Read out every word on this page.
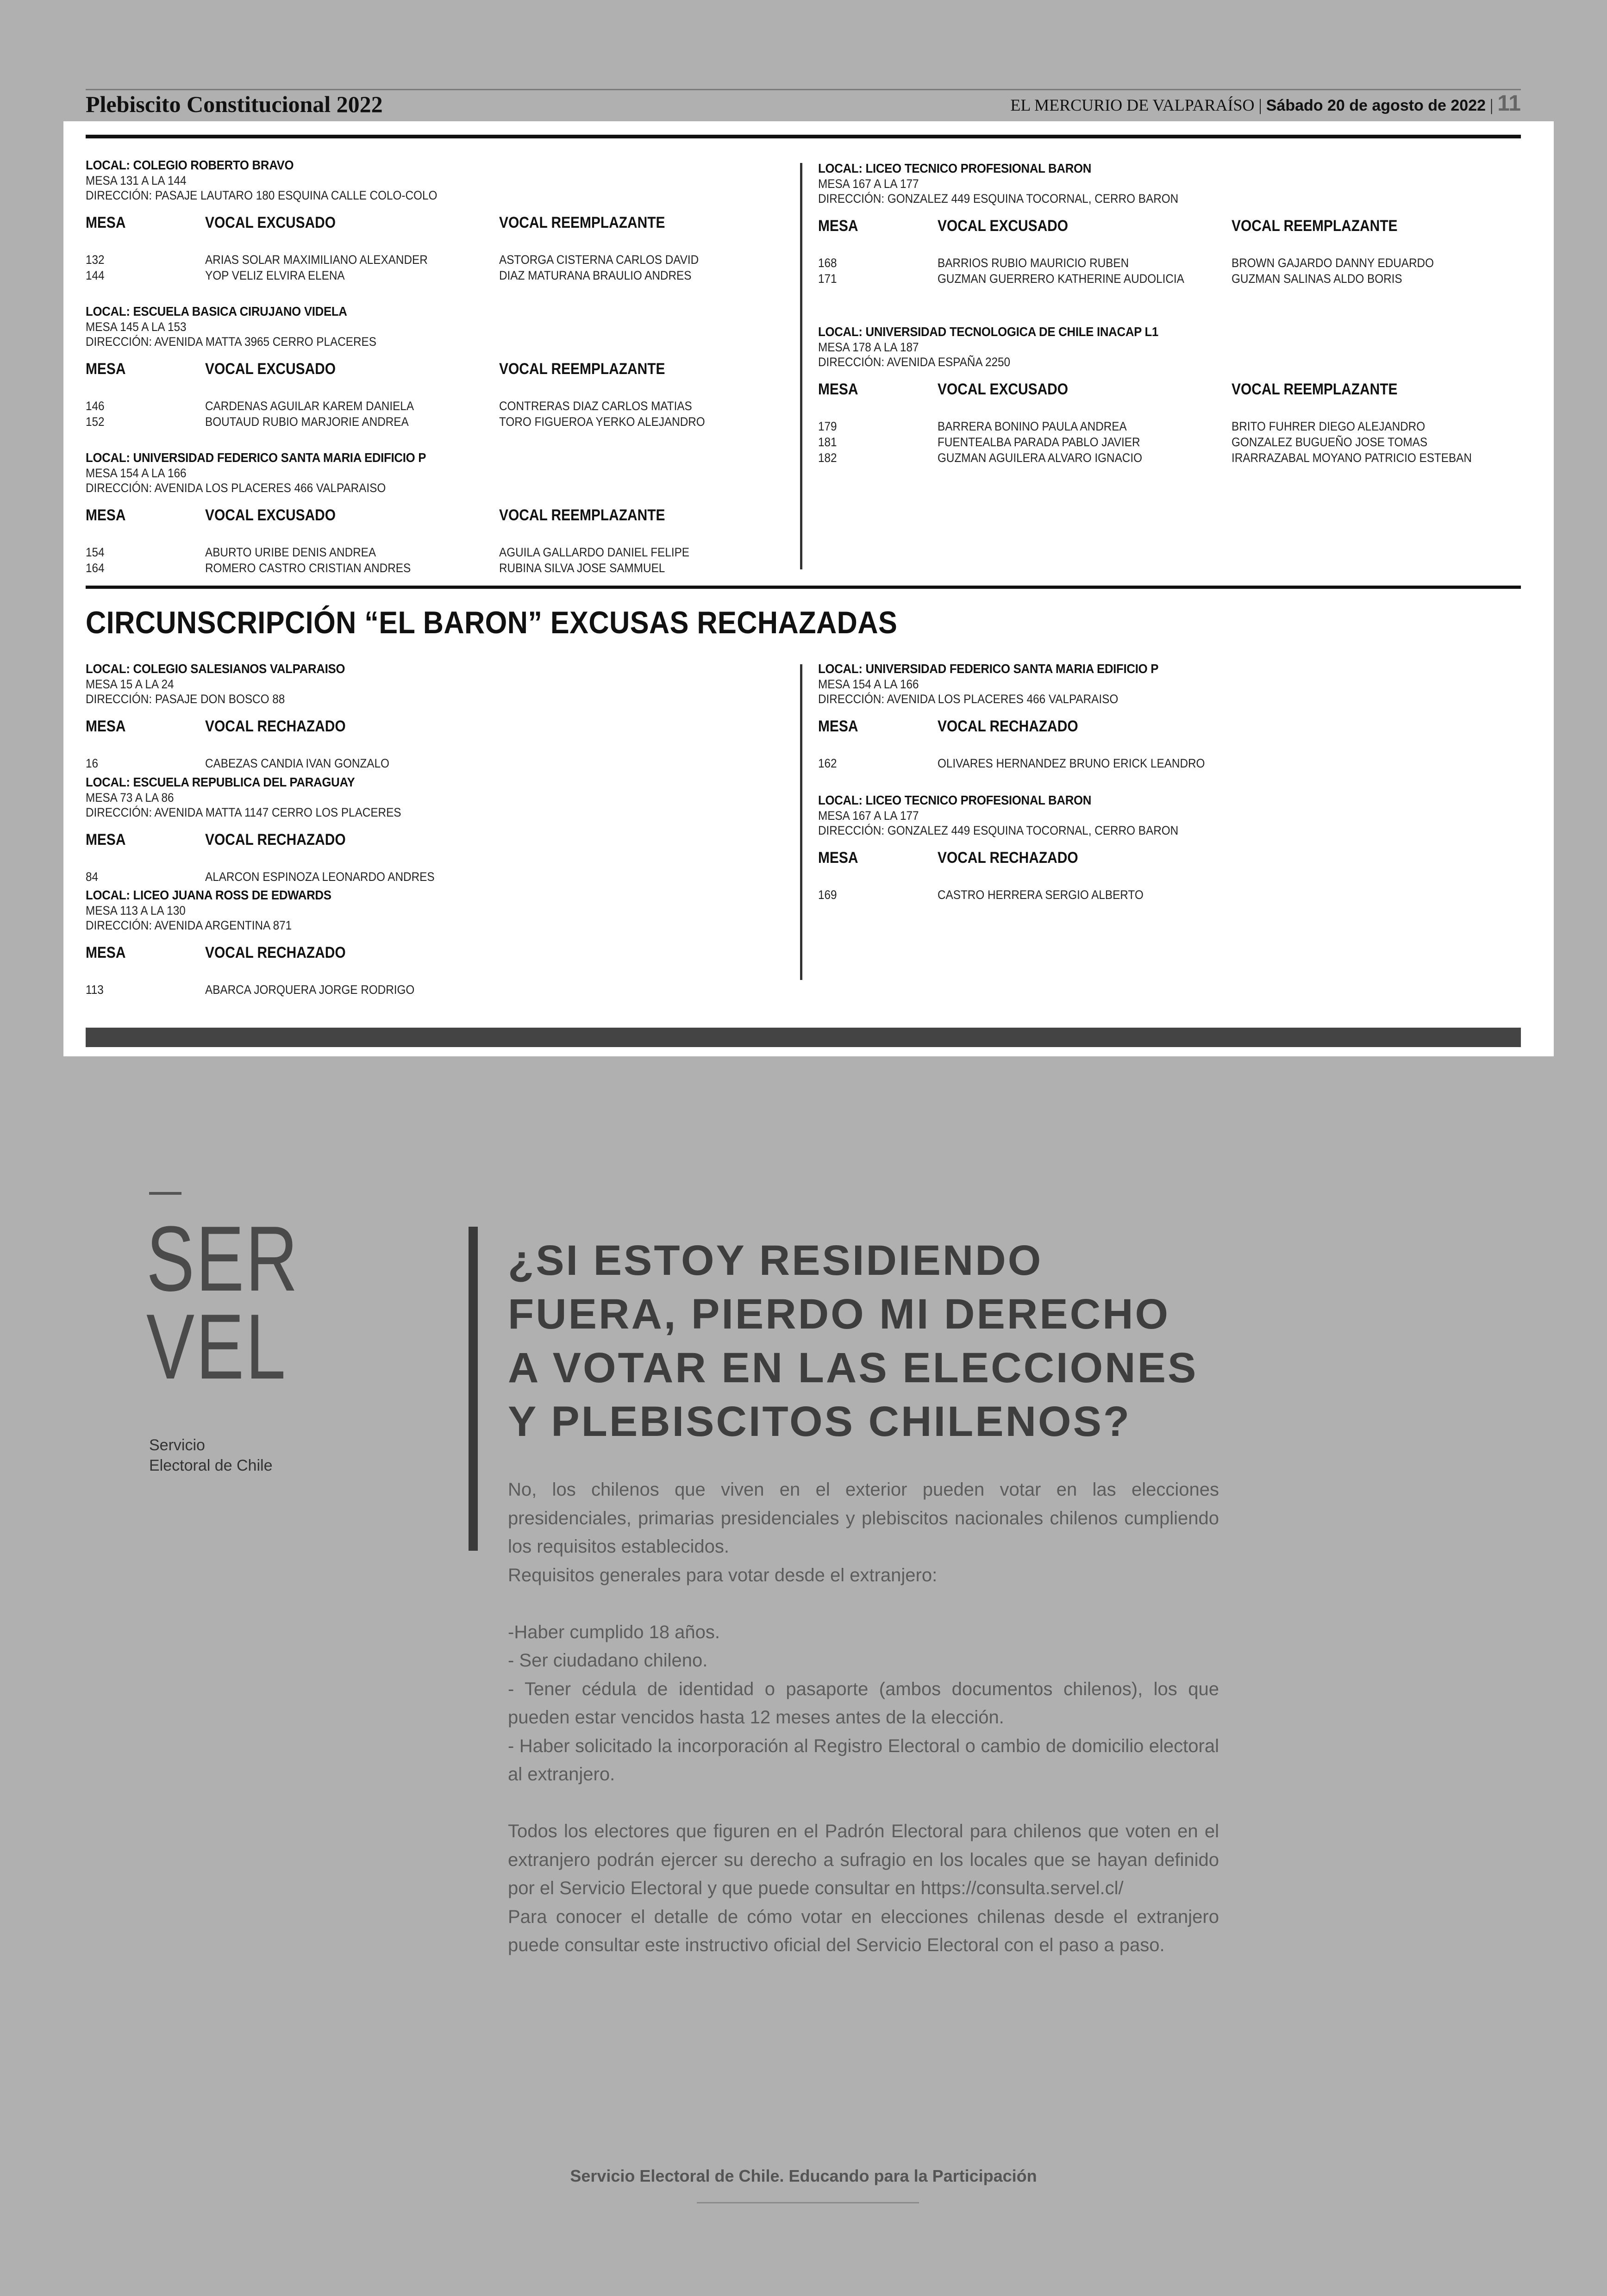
Plebiscito Constitucional 2022	EL MERCURIO DE VALPARAÍSO | Sábado 20 de agosto de 2022 | 11
CIRCUNSCRIPCIÓN “EL BARON” EXCUSAS RECHAZADAS
LOCAL: COLEGIO ROBERTO BRAVO
MESA 131 A LA 144
DIRECCIÓN: PASAJE LAUTARO 180 ESQUINA CALLE COLO-COLO
MESA	VOCAL EXCUSADO	VOCAL REEMPLAZANTE
132	ARIAS SOLAR MAXIMILIANO ALEXANDER	ASTORGA CISTERNA CARLOS DAVID
144	YOP VELIZ ELVIRA ELENA	DIAZ MATURANA BRAULIO ANDRES
LOCAL: ESCUELA BASICA CIRUJANO VIDELA
MESA 145 A LA 153
DIRECCIÓN: AVENIDA MATTA 3965 CERRO PLACERES
MESA	VOCAL EXCUSADO	VOCAL REEMPLAZANTE
146	CARDENAS AGUILAR KAREM DANIELA	CONTRERAS DIAZ CARLOS MATIAS
152	BOUTAUD RUBIO MARJORIE ANDREA	TORO FIGUEROA YERKO ALEJANDRO
LOCAL: UNIVERSIDAD FEDERICO SANTA MARIA EDIFICIO P
MESA 154 A LA 166
DIRECCIÓN: AVENIDA LOS PLACERES 466 VALPARAISO
MESA	VOCAL EXCUSADO	VOCAL REEMPLAZANTE
154	ABURTO URIBE DENIS ANDREA	AGUILA GALLARDO DANIEL FELIPE
164	ROMERO CASTRO CRISTIAN ANDRES	RUBINA SILVA JOSE SAMMUEL
LOCAL: LICEO TECNICO PROFESIONAL BARON
MESA 167 A LA 177
DIRECCIÓN: GONZALEZ 449 ESQUINA TOCORNAL, CERRO BARON
MESA	VOCAL EXCUSADO	VOCAL REEMPLAZANTE
168	BARRIOS RUBIO MAURICIO RUBEN	BROWN GAJARDO DANNY EDUARDO
171	GUZMAN GUERRERO KATHERINE AUDOLICIA	GUZMAN SALINAS ALDO BORIS
LOCAL: UNIVERSIDAD TECNOLOGICA DE CHILE INACAP L1
MESA 178 A LA 187
DIRECCIÓN: AVENIDA ESPAÑA 2250
MESA	VOCAL EXCUSADO	VOCAL REEMPLAZANTE
179	BARRERA BONINO PAULA ANDREA	BRITO FUHRER DIEGO ALEJANDRO
181	FUENTEALBA PARADA PABLO JAVIER	GONZALEZ BUGUEÑO JOSE TOMAS
182	GUZMAN AGUILERA ALVARO IGNACIO	IRARRAZABAL MOYANO PATRICIO ESTEBAN
LOCAL: COLEGIO SALESIANOS VALPARAISO
MESA 15 A LA 24
DIRECCIÓN: PASAJE DON BOSCO 88
MESA	VOCAL RECHAZADO
16	CABEZAS CANDIA IVAN GONZALO
LOCAL: ESCUELA REPUBLICA DEL PARAGUAY
MESA 73 A LA 86
DIRECCIÓN: AVENIDA MATTA 1147 CERRO LOS PLACERES
MESA	VOCAL RECHAZADO
84	ALARCON ESPINOZA LEONARDO ANDRES
LOCAL: LICEO JUANA ROSS DE EDWARDS
MESA 113 A LA 130
DIRECCIÓN: AVENIDA ARGENTINA 871
MESA	VOCAL RECHAZADO
113	ABARCA JORQUERA JORGE RODRIGO
LOCAL: UNIVERSIDAD FEDERICO SANTA MARIA EDIFICIO P
MESA 154 A LA 166
DIRECCIÓN: AVENIDA LOS PLACERES 466 VALPARAISO
MESA	VOCAL RECHAZADO
162	OLIVARES HERNANDEZ BRUNO ERICK LEANDRO
LOCAL: LICEO TECNICO PROFESIONAL BARON
MESA 167 A LA 177
DIRECCIÓN: GONZALEZ 449 ESQUINA TOCORNAL, CERRO BARON
MESA	VOCAL RECHAZADO
169	CASTRO HERRERA SERGIO ALBERTO
SER
VEL
Servicio
Electoral de Chile
¿SI ESTOY RESIDIENDO
FUERA, PIERDO MI DERECHO
A VOTAR EN LAS ELECCIONES
Y PLEBISCITOS CHILENOS?

No, los chilenos que viven en el exterior pueden votar en las elecciones presidenciales, primarias presidenciales y plebiscitos nacionales chilenos cumpliendo los requisitos establecidos.

Requisitos generales para votar desde el extranjero:

-Haber cumplido 18 años.

- Ser ciudadano chileno.

- Tener cédula de identidad o pasaporte (ambos documentos chilenos), los que pueden estar vencidos hasta 12 meses antes de la elección.

- Haber solicitado la incorporación al Registro Electoral o cambio de domicilio electoral al extranjero.

Todos los electores que figuren en el Padrón Electoral para chilenos que voten en el extranjero podrán ejercer su derecho a sufragio en los locales que se hayan definido por el Servicio Electoral y que puede consultar en https://consulta.servel.cl/

Para conocer el detalle de cómo votar en elecciones chilenas desde el extranjero puede consultar este instructivo oficial del Servicio Electoral con el paso a paso.

Servicio Electoral de Chile. Educando para la Participación
